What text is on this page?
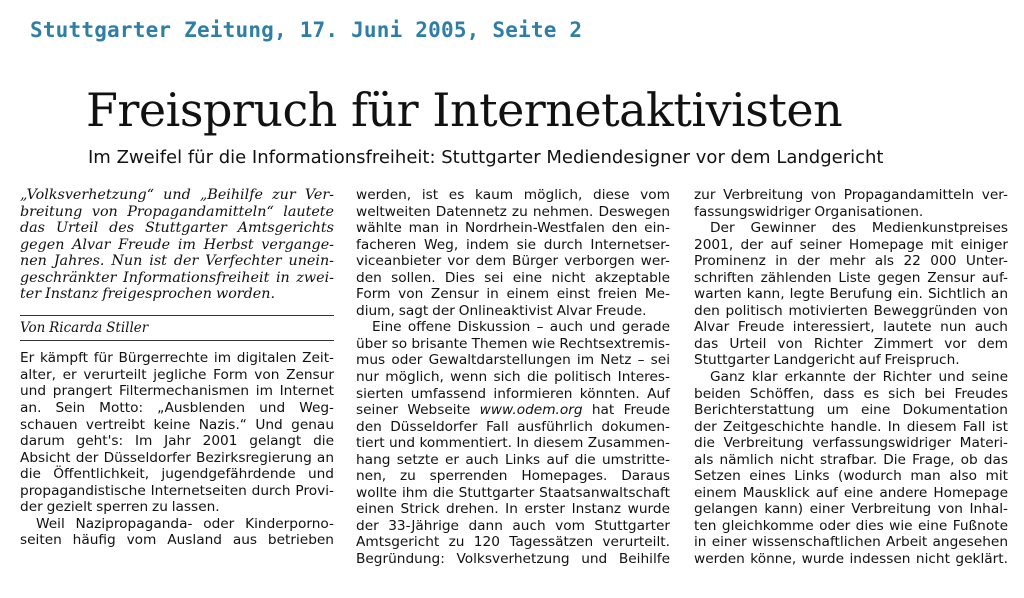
Stuttgarter Zeitung, 17. Juni 2005, Seite 2
Freispruch für Internetaktivisten
Im Zweifel für die Informationsfreiheit: Stuttgarter Mediendesigner vor dem Landgericht
„Volksverhetzung“ und „Beihilfe zur Ver-
breitung von Propagandamitteln“ lautete
das Urteil des Stuttgarter Amtsgerichts
gegen Alvar Freude im Herbst vergange-
nen Jahres. Nun ist der Verfechter unein-
geschränkter Informationsfreiheit in zwei-
ter Instanz freigesprochen worden.
Von Ricarda Stiller
Er kämpft für Bürgerrechte im digitalen Zeit-
alter, er verurteilt jegliche Form von Zensur
und prangert Filtermechanismen im Internet
an. Sein Motto: „Ausblenden und Weg-
schauen vertreibt keine Nazis.“ Und genau
darum geht's: Im Jahr 2001 gelangt die
Absicht der Düsseldorfer Bezirksregierung an
die Öffentlichkeit, jugendgefährdende und
propagandistische Internetseiten durch Provi-
der gezielt sperren zu lassen.
Weil Nazipropaganda- oder Kinderporno-
seiten häufig vom Ausland aus betrieben
werden, ist es kaum möglich, diese vom
weltweiten Datennetz zu nehmen. Deswegen
wählte man in Nordrhein-Westfalen den ein-
facheren Weg, indem sie durch Internetser-
viceanbieter vor dem Bürger verborgen wer-
den sollen. Dies sei eine nicht akzeptable
Form von Zensur in einem einst freien Me-
dium, sagt der Onlineaktivist Alvar Freude.
Eine offene Diskussion – auch und gerade
über so brisante Themen wie Rechtsextremis-
mus oder Gewaltdarstellungen im Netz – sei
nur möglich, wenn sich die politisch Interes-
sierten umfassend informieren könnten. Auf
seiner Webseite www.odem.org hat Freude
den Düsseldorfer Fall ausführlich dokumen-
tiert und kommentiert. In diesem Zusammen-
hang setzte er auch Links auf die umstritte-
nen, zu sperrenden Homepages. Daraus
wollte ihm die Stuttgarter Staatsanwaltschaft
einen Strick drehen. In erster Instanz wurde
der 33-Jährige dann auch vom Stuttgarter
Amtsgericht zu 120 Tagessätzen verurteilt.
Begründung: Volksverhetzung und Beihilfe
zur Verbreitung von Propagandamitteln ver-
fassungswidriger Organisationen.
Der Gewinner des Medienkunstpreises
2001, der auf seiner Homepage mit einiger
Prominenz in der mehr als 22 000 Unter-
schriften zählenden Liste gegen Zensur auf-
warten kann, legte Berufung ein. Sichtlich an
den politisch motivierten Beweggründen von
Alvar Freude interessiert, lautete nun auch
das Urteil von Richter Zimmert vor dem
Stuttgarter Landgericht auf Freispruch.
Ganz klar erkannte der Richter und seine
beiden Schöffen, dass es sich bei Freudes
Berichterstattung um eine Dokumentation
der Zeitgeschichte handle. In diesem Fall ist
die Verbreitung verfassungswidriger Materi-
als nämlich nicht strafbar. Die Frage, ob das
Setzen eines Links (wodurch man also mit
einem Mausklick auf eine andere Homepage
gelangen kann) einer Verbreitung von Inhal-
ten gleichkomme oder dies wie eine Fußnote
in einer wissenschaftlichen Arbeit angesehen
werden könne, wurde indessen nicht geklärt.
